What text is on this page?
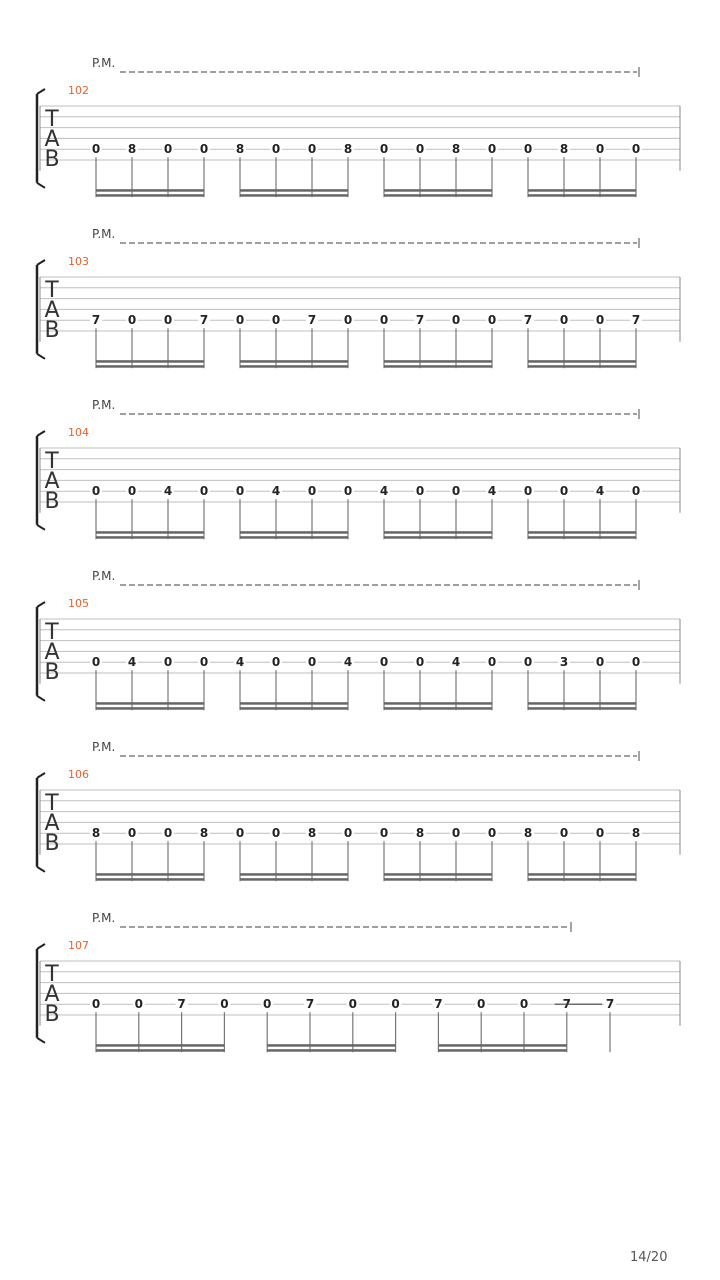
P.M.
102
T
A
B	0 8 0 0 8 0 0 8 0 0 8 0 0 8 0 0
P.M.
103
T
A
B	7 0 0 7 0 0 7 0 0 7 0 0 7 0 0 7
P.M.
104
T
A
B	0 0 4 0 0 4 0 0 4 0 0 4 0 0 4 0
P.M.
105
T
A
B	0 4 0 0 4 0 0 4 0 0 4 0 0 3 0 0
P.M.
106
T
A
B	8 0 0 8 0 0 8 0 0 8 0 0 8 0 0 8
P.M.
107
T
A
B	0	0	7	0	0	7	0	0	7	0	0	7	7
14/20
